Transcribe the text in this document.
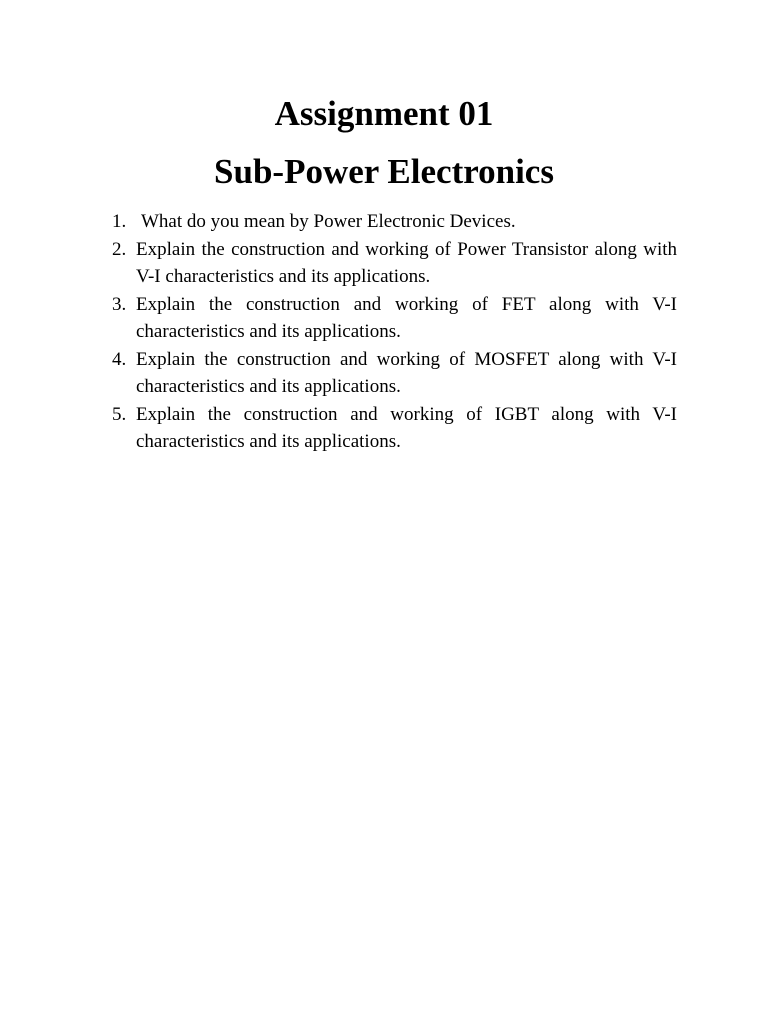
Assignment 01
Sub-Power Electronics
1. What do you mean by Power Electronic Devices.
2. Explain the construction and working of Power Transistor along with V-I characteristics and its applications.
3. Explain the construction and working of FET along with V-I characteristics and its applications.
4. Explain the construction and working of MOSFET along with V-I characteristics and its applications.
5. Explain the construction and working of IGBT along with V-I characteristics and its applications.
